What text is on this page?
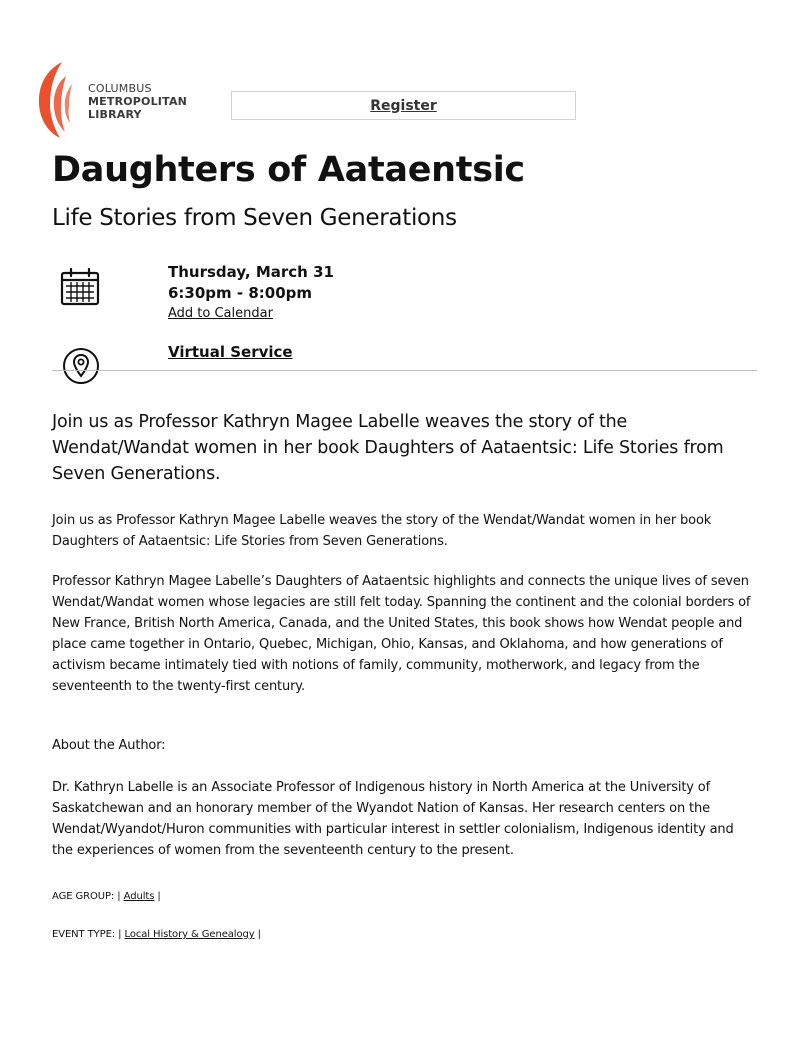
COLUMBUS
METROPOLITAN
LIBRARY
Register
Daughters of Aataentsic
Life Stories from Seven Generations
Thursday, March 31
6:30pm - 8:00pm
Add to Calendar
Virtual Service

Join us as Professor Kathryn Magee Labelle weaves the story of the Wendat/Wandat women in her book Daughters of Aataentsic: Life Stories from Seven Generations.

Join us as Professor Kathryn Magee Labelle weaves the story of the Wendat/Wandat women in her book Daughters of Aataentsic: Life Stories from Seven Generations.

Professor Kathryn Magee Labelle’s Daughters of Aataentsic highlights and connects the unique lives of seven Wendat/Wandat women whose legacies are still felt today. Spanning the continent and the colonial borders of New France, British North America, Canada, and the United States, this book shows how Wendat people and place came together in Ontario, Quebec, Michigan, Ohio, Kansas, and Oklahoma, and how generations of activism became intimately tied with notions of family, community, motherwork, and legacy from the seventeenth to the twenty-first century.

About the Author:

Dr. Kathryn Labelle is an Associate Professor of Indigenous history in North America at the University of Saskatchewan and an honorary member of the Wyandot Nation of Kansas. Her research centers on the Wendat/Wyandot/Huron communities with particular interest in settler colonialism, Indigenous identity and the experiences of women from the seventeenth century to the present.

AGE GROUP: | Adults |
EVENT TYPE: | Local History & Genealogy |
